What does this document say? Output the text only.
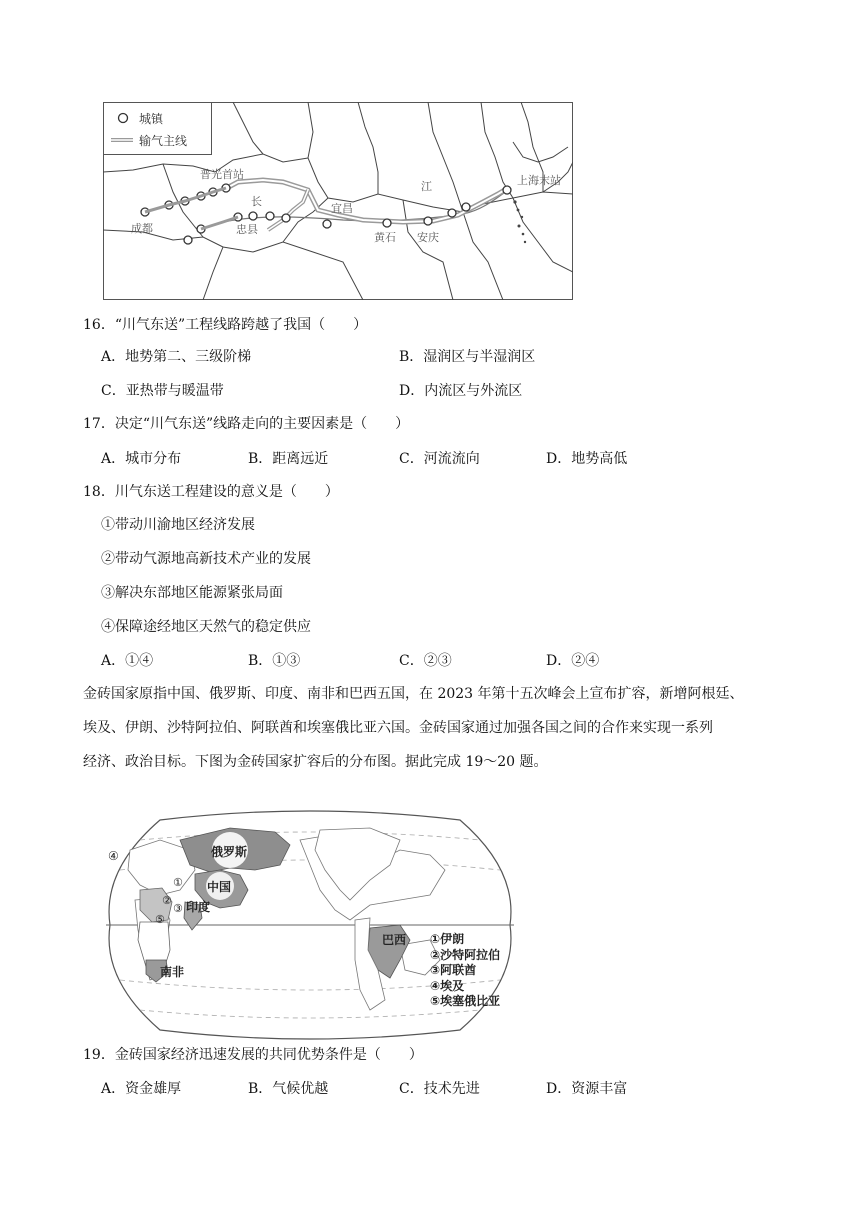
城镇
输气主线
普光首站
成都	忠县
长
宜昌
黄石 安庆
江	上海末站
16．“川气东送”工程线路跨越了我国（　　）
A．地势第二、三级阶梯	B．湿润区与半湿润区
C．亚热带与暖温带	D．内流区与外流区
17．决定“川气东送”线路走向的主要因素是（　　）
A．城市分布	B．距离远近	C．河流流向	D．地势高低
18．川气东送工程建设的意义是（　　）
①带动川渝地区经济发展
②带动气源地高新技术产业的发展
③解决东部地区能源紧张局面
④保障途经地区天然气的稳定供应
A．①④	B．①③	C．②③	D．②④
金砖国家原指中国、俄罗斯、印度、南非和巴西五国，在 2023 年第十五次峰会上宣布扩容，新增阿根廷、
埃及、伊朗、沙特阿拉伯、阿联酋和埃塞俄比亚六国。金砖国家通过加强各国之间的合作来实现一系列
经济、政治目标。下图为金砖国家扩容后的分布图。据此完成 19～20 题。
俄罗斯
中国
印度
南非
巴西
④
①
②
③
⑤
①伊朗
②沙特阿拉伯
③阿联酋
④埃及
⑤埃塞俄比亚
19．金砖国家经济迅速发展的共同优势条件是（　　）
A．资金雄厚	B．气候优越	C．技术先进	D．资源丰富
